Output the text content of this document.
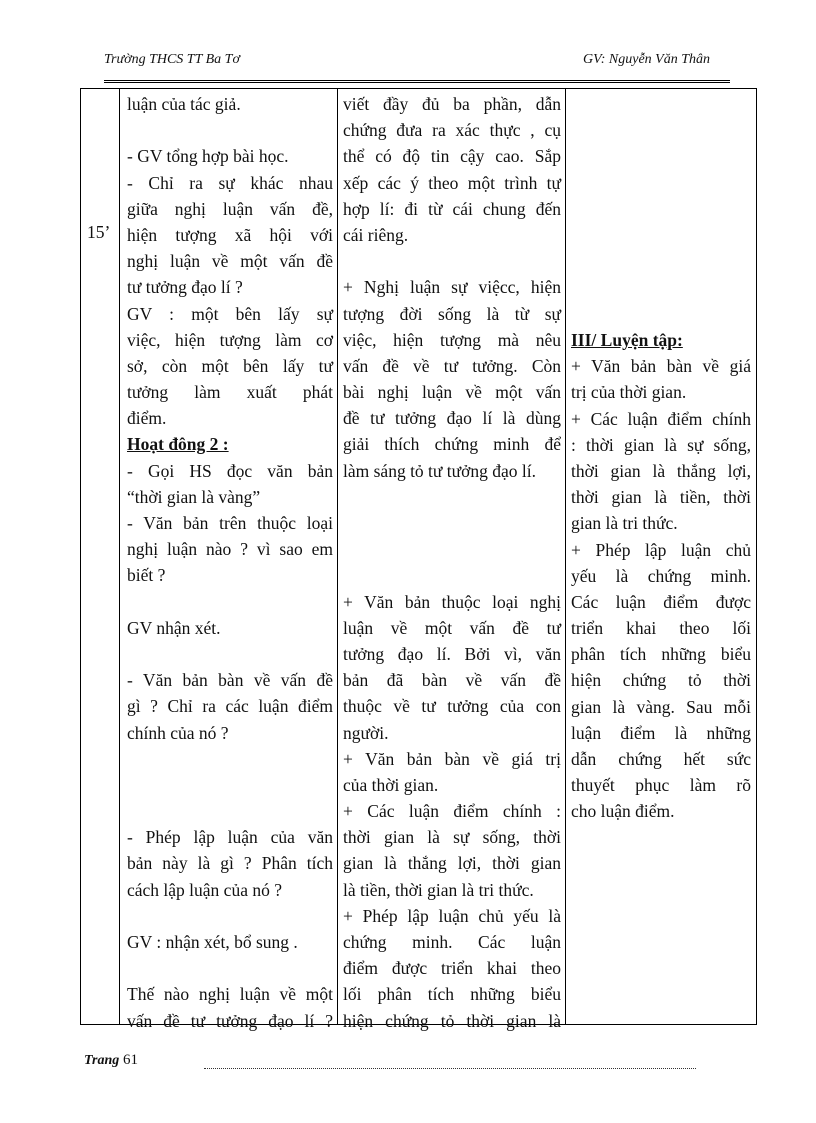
Trường THCS TT Ba Tơ	GV: Nguyễn Văn Thân
15’
luận của tác giả.
- GV tổng hợp bài học.
- Chỉ ra sự khác nhau
giữa nghị luận vấn đề,
hiện tượng xã hội với
nghị luận về một vấn đề
tư tưởng đạo lí ?
GV : một bên lấy sự
việc, hiện tượng làm cơ
sở, còn một bên lấy tư
tưởng làm xuất phát
điểm.
Hoạt đông 2 :
- Gọi HS đọc văn bản
“thời gian là vàng”
- Văn bản trên thuộc loại
nghị luận nào ? vì sao em
biết ?
GV nhận xét.
- Văn bản bàn về vấn đề
gì ? Chỉ ra các luận điểm
chính của nó ?
- Phép lập luận của văn
bản này là gì ? Phân tích
cách lập luận của nó ?
GV : nhận xét, bổ sung .
Thế nào nghị luận về một
vấn đề tư tưởng đạo lí ?
viết đầy đủ ba phần, dẫn
chứng đưa ra xác thực , cụ
thể có độ tin cậy cao. Sắp
xếp các ý theo một trình tự
hợp lí: đi từ cái chung đến
cái riêng.
+ Nghị luận sự việcc, hiện
tượng đời sống là từ sự
việc, hiện tượng mà nêu
vấn đề về tư tưởng. Còn
bài nghị luận về một vấn
đề tư tưởng đạo lí là dùng
giải thích chứng minh để
làm sáng tỏ tư tưởng đạo lí.
+ Văn bản thuộc loại nghị
luận về một vấn đề tư
tưởng đạo lí. Bởi vì, văn
bản đã bàn về vấn đề
thuộc về tư tưởng của con
người.
+ Văn bản bàn về giá trị
của thời gian.
+ Các luận điểm chính :
thời gian là sự sống, thời
gian là thắng lợi, thời gian
là tiền, thời gian là tri thức.
+ Phép lập luận chủ yếu là
chứng minh. Các luận
điểm được triển khai theo
lối phân tích những biểu
hiện chứng tỏ thời gian là
III/ Luyện tập:
+ Văn bản bàn về giá
trị của thời gian.
+ Các luận điểm chính
: thời gian là sự sống,
thời gian là thắng lợi,
thời gian là tiền, thời
gian là tri thức.
+ Phép lập luận chủ
yếu là chứng minh.
Các luận điểm được
triển khai theo lối
phân tích những biểu
hiện chứng tỏ thời
gian là vàng. Sau mỗi
luận điểm là những
dẫn chứng hết sức
thuyết phục làm rõ
cho luận điểm.
Trang 61
